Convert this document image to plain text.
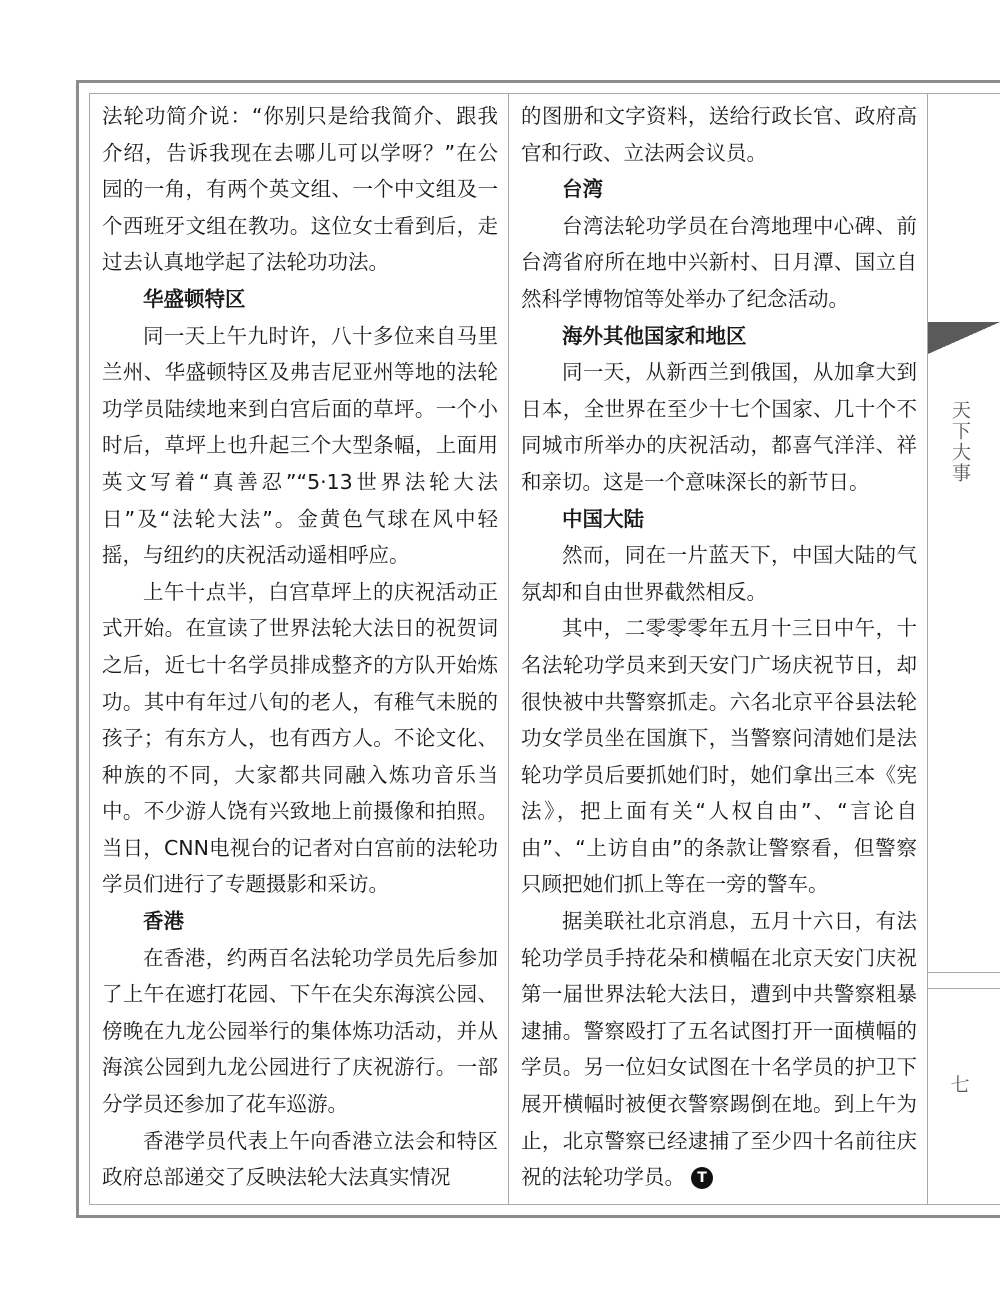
法轮功简介说：“你别只是给我简介、跟我介绍，告诉我现在去哪儿可以学呀？”在公园的一角，有两个英文组、一个中文组及一个西班牙文组在教功。这位女士看到后，走过去认真地学起了法轮功功法。

华盛顿特区

同一天上午九时许，八十多位来自马里兰州、华盛顿特区及弗吉尼亚州等地的法轮功学员陆续地来到白宫后面的草坪。一个小时后，草坪上也升起三个大型条幅，上面用英文写着“真善忍”“5·13世界法轮大法日”及“法轮大法”。金黄色气球在风中轻摇，与纽约的庆祝活动遥相呼应。

上午十点半，白宫草坪上的庆祝活动正式开始。在宣读了世界法轮大法日的祝贺词之后，近七十名学员排成整齐的方队开始炼功。其中有年过八旬的老人，有稚气未脱的孩子；有东方人，也有西方人。不论文化、种族的不同，大家都共同融入炼功音乐当中。不少游人饶有兴致地上前摄像和拍照。当日，CNN电视台的记者对白宫前的法轮功学员们进行了专题摄影和采访。

香港

在香港，约两百名法轮功学员先后参加了上午在遮打花园、下午在尖东海滨公园、傍晚在九龙公园举行的集体炼功活动，并从海滨公园到九龙公园进行了庆祝游行。一部分学员还参加了花车巡游。

香港学员代表上午向香港立法会和特区政府总部递交了反映法轮大法真实情况

的图册和文字资料，送给行政长官、政府高官和行政、立法两会议员。

台湾

台湾法轮功学员在台湾地理中心碑、前台湾省府所在地中兴新村、日月潭、国立自然科学博物馆等处举办了纪念活动。

海外其他国家和地区

同一天，从新西兰到俄国，从加拿大到日本，全世界在至少十七个国家、几十个不同城市所举办的庆祝活动，都喜气洋洋、祥和亲切。这是一个意味深长的新节日。

中国大陆

然而，同在一片蓝天下，中国大陆的气氛却和自由世界截然相反。

其中，二零零零年五月十三日中午，十名法轮功学员来到天安门广场庆祝节日，却很快被中共警察抓走。六名北京平谷县法轮功女学员坐在国旗下，当警察问清她们是法轮功学员后要抓她们时，她们拿出三本《宪法》，把上面有关“人权自由”、“言论自由”、“上访自由”的条款让警察看，但警察只顾把她们抓上等在一旁的警车。

据美联社北京消息，五月十六日，有法轮功学员手持花朵和横幅在北京天安门庆祝第一届世界法轮大法日，遭到中共警察粗暴逮捕。警察殴打了五名试图打开一面横幅的学员。另一位妇女试图在十名学员的护卫下展开横幅时被便衣警察踢倒在地。到上午为止，北京警察已经逮捕了至少四十名前往庆祝的法轮功学员。 T

天下大事
七
